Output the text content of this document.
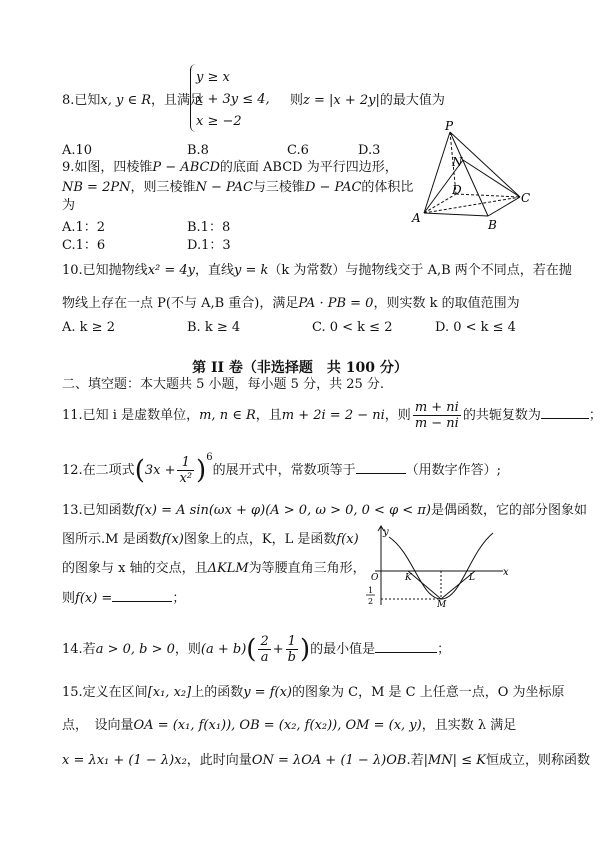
8.已知x, y ∈ R，且满足
y ≥ x
x + 3y ≤ 4,
x ≥ −2
则z = |x + 2y|的最大值为
A.10	B.8	C.6	D.3
9.如图，四棱锥P − ABCD的底面 ABCD 为平行四边形，
NB = 2PN，则三棱锥N − PAC与三棱锥D − PAC的体积比
为
A.1：2	B.1：8
C.1：6	D.1：3
P
N
D
C
A	B
10.已知抛物线x² = 4y，直线y = k（k 为常数）与抛物线交于 A,B 两个不同点，若在抛
物线上存在一点 P(不与 A,B 重合)，满足PA · PB = 0，则实数 k 的取值范围为
A. k ≥ 2	B. k ≥ 4	C. 0 < k ≤ 2	D. 0 < k ≤ 4
第 II 卷（非选择题　共 100 分）
二、填空题：本大题共 5 小题，每小题 5 分，共 25 分.
11.已知 i 是虚数单位，m, n ∈ R，且m + 2i = 2 − ni，则 $\frac{m + ni}{m - ni}$ 的共轭复数为	；
12.在二项式$(3x + \frac{1}{\text{x²}} )^6$的展开式中，常数项等于	（用数字作答）;
13.已知函数f(x) = A sin(ωx + φ)(A > 0, ω > 0, 0 < φ < π)是偶函数，它的部分图象如
图所示.M 是函数f(x)图象上的点，K，L 是函数f(x)
的图象与 x 轴的交点，且ΔKLM为等腰直角三角形，
则f(x) =	；
y
x
O	K	L
M
1
2
14.若a > 0, b > 0，则$(a + b)( \frac{2}{a} + \frac{1}{b}$ )的最小值是	；
15.定义在区间[x₁, x₂]上的函数y = f(x)的图象为 C，M 是 C 上任意一点，O 为坐标原
点，　设向量OA = (x₁, f(x₁)), OB = (x₂, f(x₂)), OM = (x, y)，且实数 λ 满足
x = λx₁ + (1 − λ)x₂，此时向量ON = λOA + (1 − λ)OB.若|MN| ≤ K恒成立，则称函数
